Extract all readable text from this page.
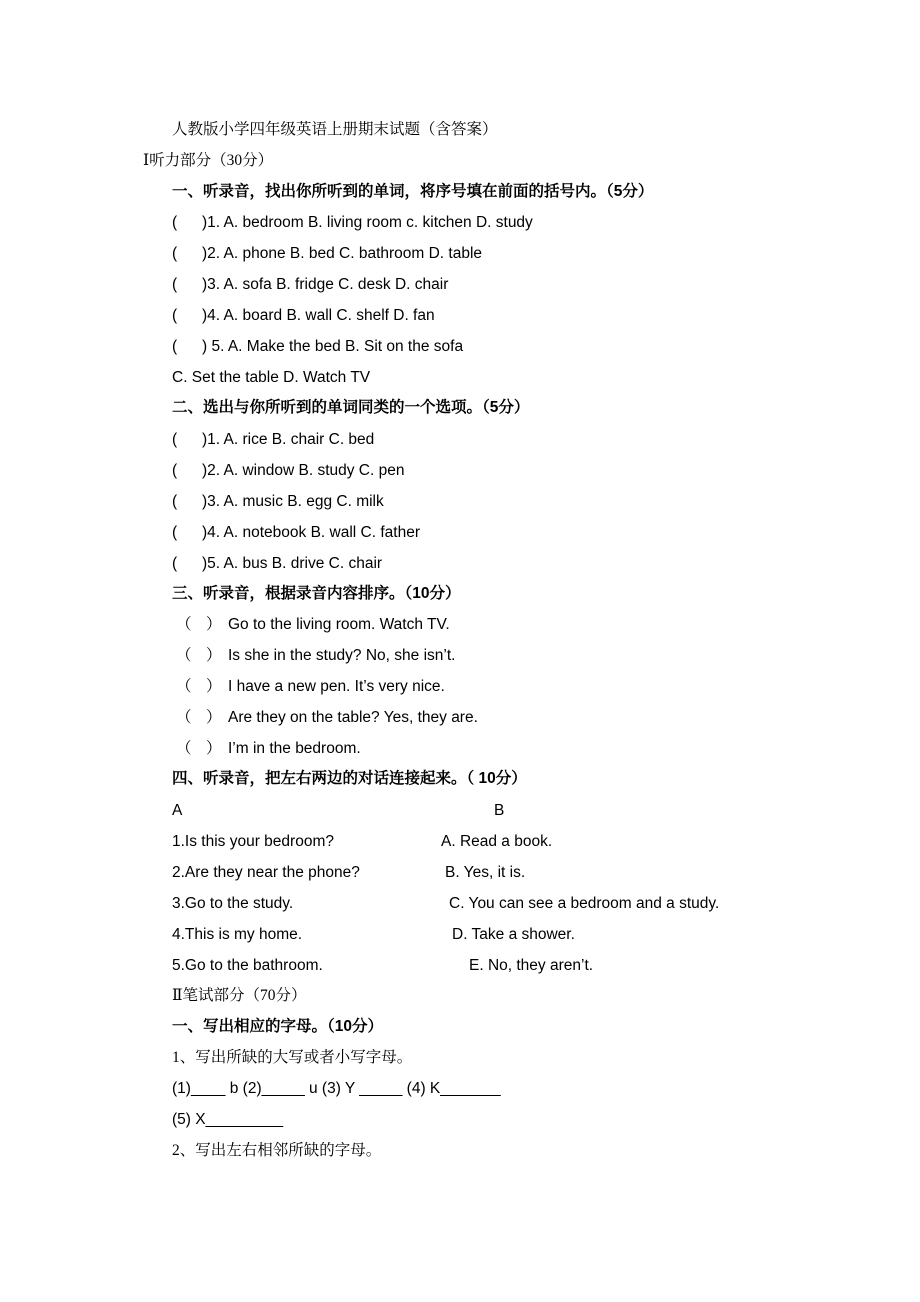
人教版小学四年级英语上册期末试题（含答案）
Ⅰ听力部分（30分）
一、听录音，找出你所听到的单词，将序号填在前面的括号内。（5分）
( )1. A. bedroom B. living room c. kitchen D. study
( )2. A. phone B. bed C. bathroom D. table
( )3. A. sofa B. fridge C. desk D. chair
( )4. A. board B. wall C. shelf D. fan
( ) 5. A. Make the bed B. Sit on the sofa
C. Set the table D. Watch TV
二、选出与你所听到的单词同类的一个选项。（5分）
( )1. A. rice B. chair C. bed
( )2. A. window B. study C. pen
( )3. A. music B. egg C. milk
( )4. A. notebook B. wall C. father
( )5. A. bus B. drive C. chair
三、听录音，根据录音内容排序。（10分）
（ ） Go to the living room. Watch TV.
（ ） Is she in the study? No, she isn’t.
（ ） I have a new pen. It’s very nice.
（ ） Are they on the table? Yes, they are.
（ ） I’m in the bedroom.
四、听录音，把左右两边的对话连接起来。（ 10分）
A	B
1.Is this your bedroom?	A. Read a book.
2.Are they near the phone?	B. Yes, it is.
3.Go to the study.	C. You can see a bedroom and a study.
4.This is my home.	D. Take a shower.
5.Go to the bathroom.	E. No, they aren’t.
Ⅱ笔试部分（70分）
一、写出相应的字母。（10分）
1、写出所缺的大写或者小写字母。
(1)____ b (2)_____ u (3) Y _____ (4) K_______
(5) X_________
2、写出左右相邻所缺的字母。
